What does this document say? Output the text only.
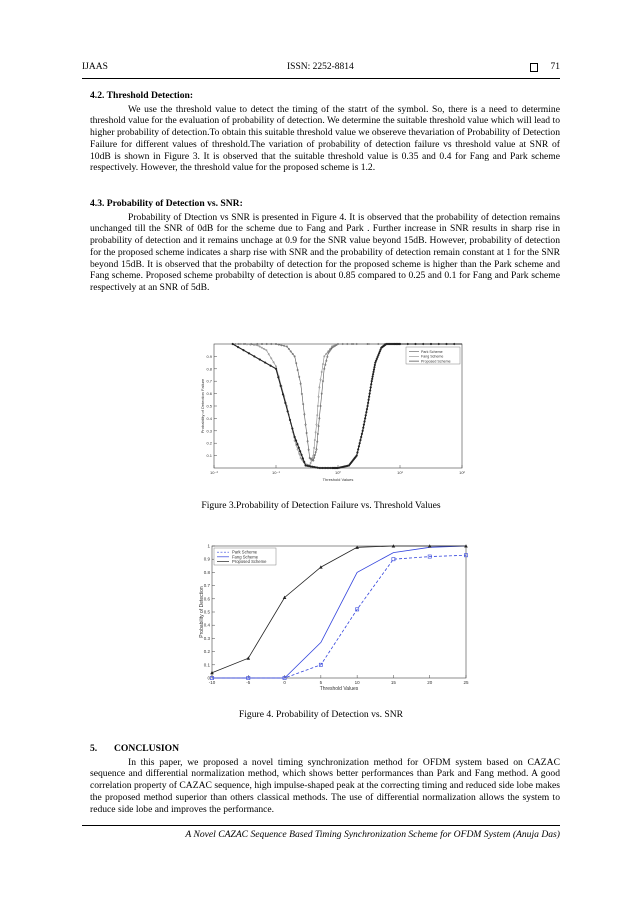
IJAAS	ISSN: 2252-8814	71
4.2. Threshold Detection:

We use the threshold value to detect the timing of the statrt of the symbol. So, there is a need to determine threshold value for the evaluation of probability of detection. We determine the suitable threshold value which will lead to higher probability of detection.To obtain this suitable threshold value we obsereve thevariation of Probability of Detection Failure for different values of threshold.The variation of probability of detection failure vs threshold value at SNR of 10dB is shown in Figure 3. It is observed that the suitable threshold value is 0.35 and 0.4 for Fang and Park scheme respectively. However, the threshold value for the proposed scheme is 1.2.

4.3. Probability of Detection vs. SNR:

Probability of Dtection vs SNR is presented in Figure 4. It is observed that the probability of detection remains unchanged till the SNR of 0dB for the scheme due to Fang and Park . Further increase in SNR results in sharp rise in probability of detection and it remains unchage at 0.9 for the SNR value beyond 15dB. However, probability of detection for the proposed scheme indicates a sharp rise with SNR and the probability of detection remain constant at 1 for the SNR beyond 15dB. It is observed that the probabilty of detection for the proposed scheme is higher than the Park scheme and Fang scheme. Proposed scheme probabilty of detection is about 0.85 compared to 0.25 and 0.1 for Fang and Park scheme respectively at an SNR of 5dB.

0.1
0.2
0.3
0.4
0.5
0.6
0.7
0.8
0.9
10⁻²	10⁻¹	10⁰	10¹	10²
Threshold Values
Probability of Detection Failure
Park Scheme
Fang Scheme
Proposed Scheme
Figure 3.Probability of Detection Failure vs. Threshold Values
0
0.1
0.2
0.3
0.4
0.5
0.6
0.7
0.8
0.9
1
-10	-5	0	5	10	15	20	25
Threshold Values
Probability of Detection
Park Scheme
Fang Scheme
Proposed Scheme
Figure 4. Probability of Detection vs. SNR
5. CONCLUSION

In this paper, we proposed a novel timing synchronization method for OFDM system based on CAZAC sequence and differential normalization method, which shows better performances than Park and Fang method. A good correlation property of CAZAC sequence, high impulse-shaped peak at the correcting timing and reduced side lobe makes the proposed method superior than others classical methods. The use of differential normalization allows the system to reduce side lobe and improves the performance.

A Novel CAZAC Sequence Based Timing Synchronization Scheme for OFDM System (Anuja Das)
